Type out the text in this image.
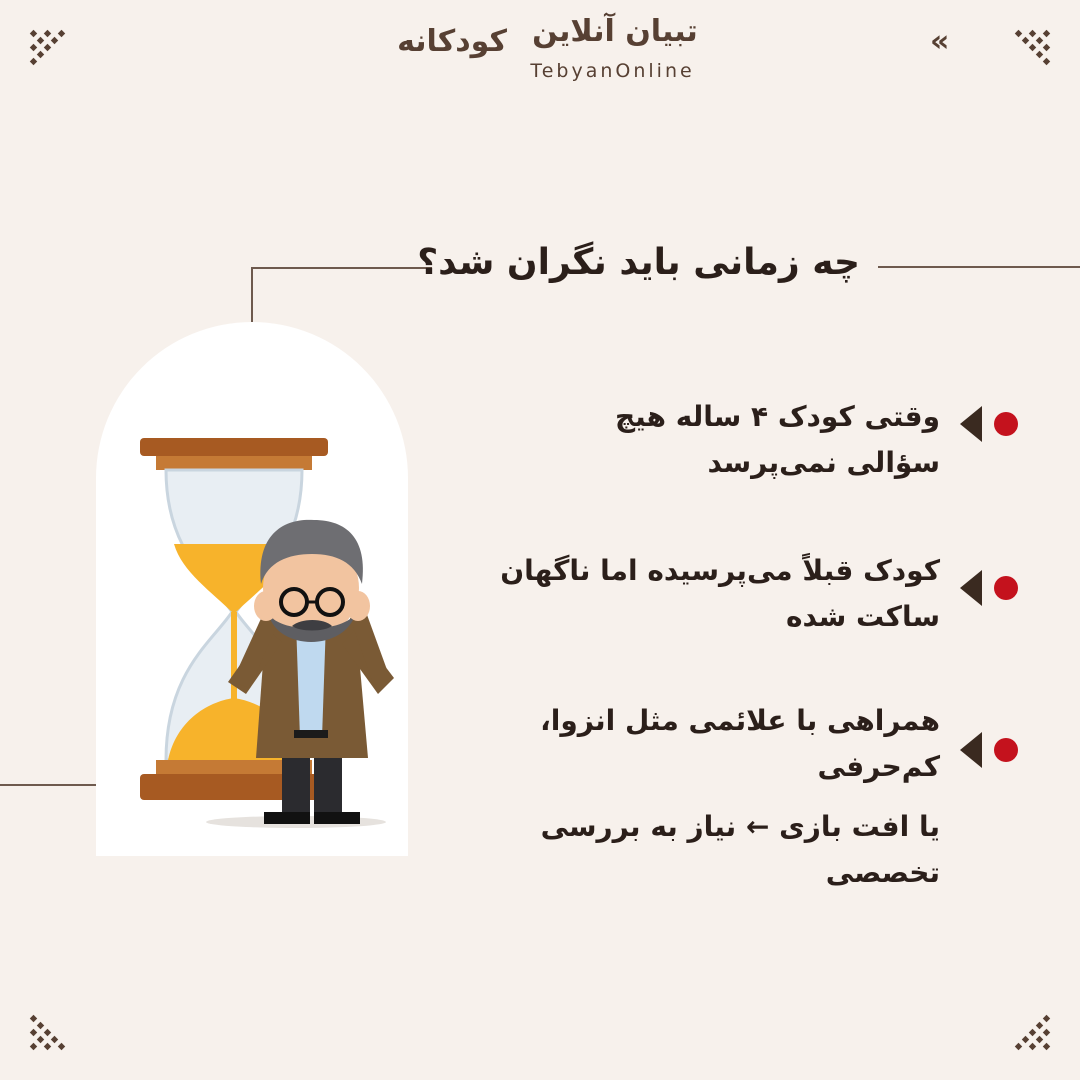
تبیان آنلاین
TebyanOnline
کودکانه	«
چه زمانی باید نگران شد؟
وقتی کودک ۴ ساله هیچ
سؤالی نمی‌پرسد
کودک قبلاً می‌پرسیده اما ناگهان
ساکت شده
همراهی با علائمی مثل انزوا، کم‌حرفی
یا افت بازی ← نیاز به بررسی تخصصی
